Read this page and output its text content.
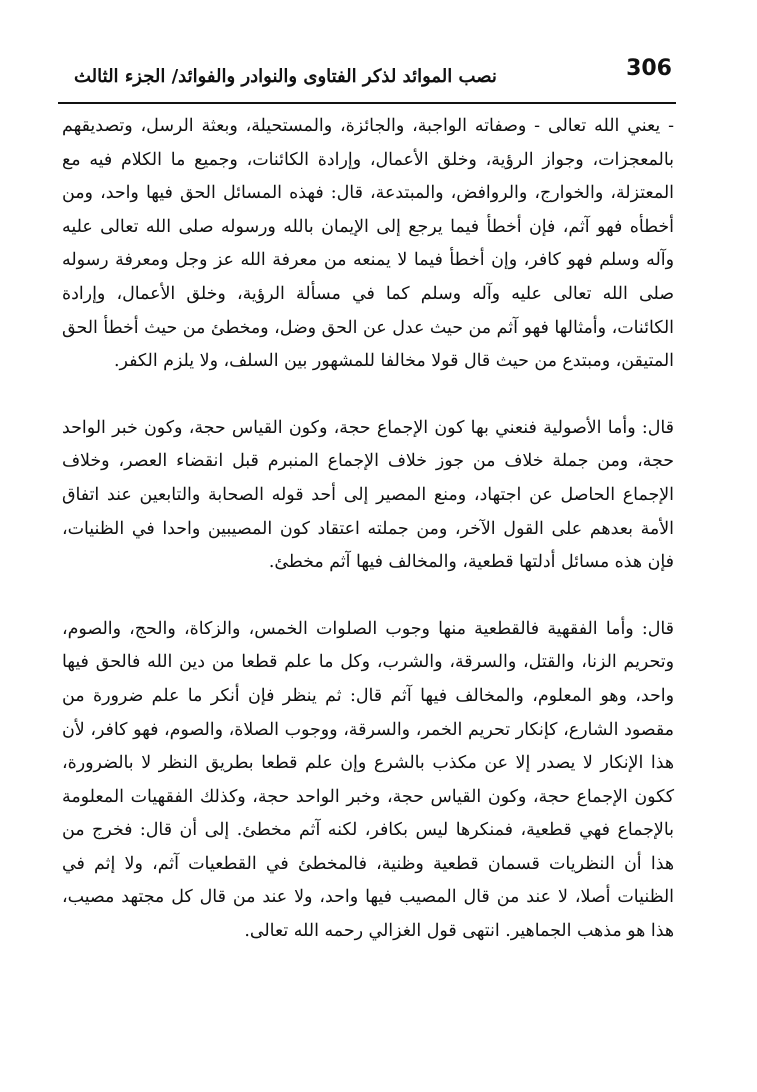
306
نصب الموائد لذكر الفتاوى والنوادر والفوائد/ الجزء الثالث

- يعني الله تعالى - وصفاته الواجبة، والجائزة، والمستحيلة، وبعثة الرسل، وتصديقهم بالمعجزات، وجواز الرؤية، وخلق الأعمال، وإرادة الكائنات، وجميع ما الكلام فيه مع المعتزلة، والخوارج، والروافض، والمبتدعة، قال: فهذه المسائل الحق فيها واحد، ومن أخطأه فهو آثم، فإن أخطأ فيما يرجع إلى الإيمان بالله ورسوله صلى الله تعالى عليه وآله وسلم فهو كافر، وإن أخطأ فيما لا يمنعه من معرفة الله عز وجل ومعرفة رسوله صلى الله تعالى عليه وآله وسلم كما في مسألة الرؤية، وخلق الأعمال، وإرادة الكائنات، وأمثالها فهو آثم من حيث عدل عن الحق وضل، ومخطئ من حيث أخطأ الحق المتيقن، ومبتدع من حيث قال قولا مخالفا للمشهور بين السلف، ولا يلزم الكفر.

قال: وأما الأصولية فنعني بها كون الإجماع حجة، وكون القياس حجة، وكون خبر الواحد حجة، ومن جملة خلاف من جوز خلاف الإجماع المنبرم قبل انقضاء العصر، وخلاف الإجماع الحاصل عن اجتهاد، ومنع المصير إلى أحد قوله الصحابة والتابعين عند اتفاق الأمة بعدهم على القول الآخر، ومن جملته اعتقاد كون المصيبين واحدا في الظنيات، فإن هذه مسائل أدلتها قطعية، والمخالف فيها آثم مخطئ.

قال: وأما الفقهية فالقطعية منها وجوب الصلوات الخمس، والزكاة، والحج، والصوم، وتحريم الزنا، والقتل، والسرقة، والشرب، وكل ما علم قطعا من دين الله فالحق فيها واحد، وهو المعلوم، والمخالف فيها آثم قال: ثم ينظر فإن أنكر ما علم ضرورة من مقصود الشارع، كإنكار تحريم الخمر، والسرقة، ووجوب الصلاة، والصوم، فهو كافر، لأن هذا الإنكار لا يصدر إلا عن مكذب بالشرع وإن علم قطعا بطريق النظر لا بالضرورة، ككون الإجماع حجة، وكون القياس حجة، وخبر الواحد حجة، وكذلك الفقهيات المعلومة بالإجماع فهي قطعية، فمنكرها ليس بكافر، لكنه آثم مخطئ. إلى أن قال: فخرج من هذا أن النظريات قسمان قطعية وظنية، فالمخطئ في القطعيات آثم، ولا إثم في الظنيات أصلا، لا عند من قال المصيب فيها واحد، ولا عند من قال كل مجتهد مصيب، هذا هو مذهب الجماهير. انتهى قول الغزالي رحمه الله تعالى.
